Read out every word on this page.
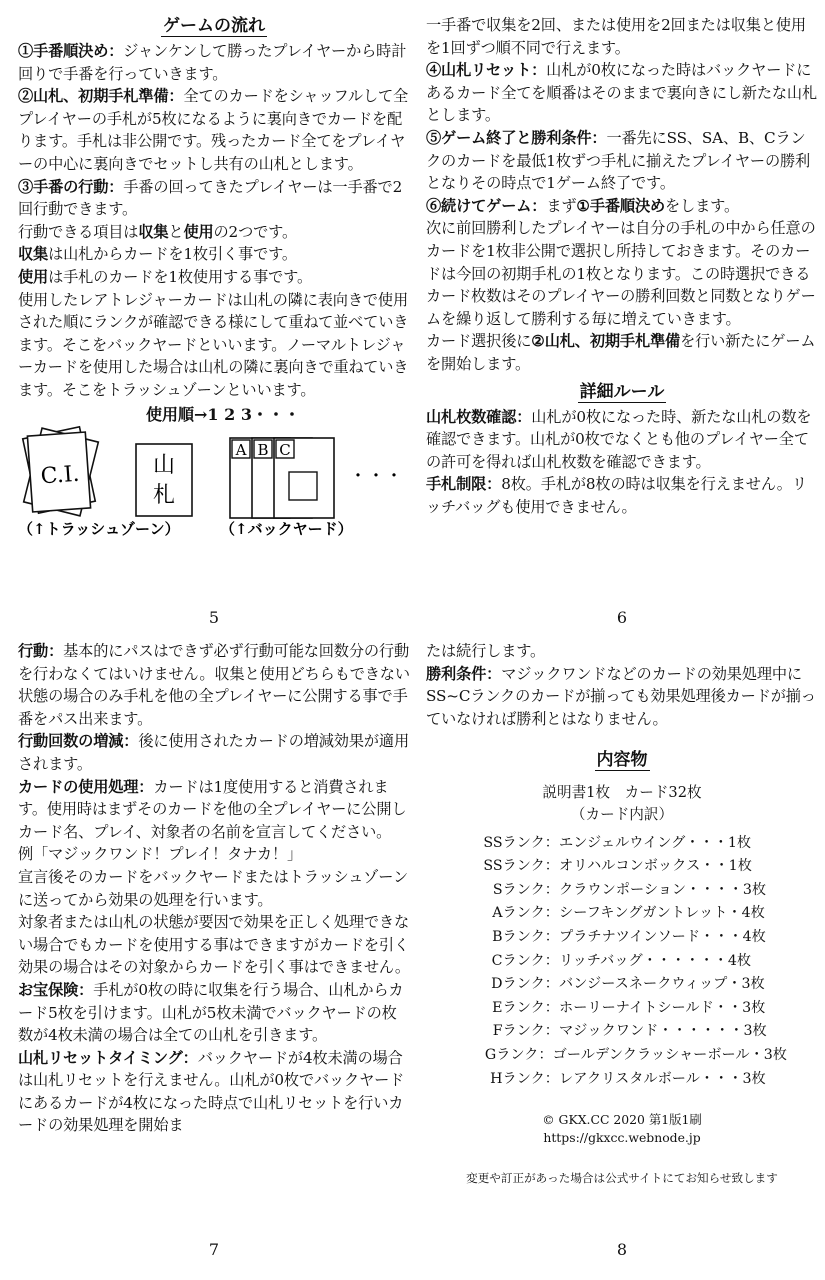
ゲームの流れ

①手番順決め：ジャンケンして勝ったプレイヤーから時計回りで手番を行っていきます。

②山札、初期手札準備：全てのカードをシャッフルして全プレイヤーの手札が5枚になるように裏向きでカードを配ります。手札は非公開です。残ったカード全てをプレイヤーの中心に裏向きでセットし共有の山札とします。

③手番の行動：手番の回ってきたプレイヤーは一手番で2回行動できます。

行動できる項目は収集と使用の2つです。

収集は山札からカードを1枚引く事です。

使用は手札のカードを1枚使用する事です。

使用したレアトレジャーカードは山札の隣に表向きで使用された順にランクが確認できる様にして重ねて並べていきます。そこをバックヤードといいます。ノーマルトレジャーカードを使用した場合は山札の隣に裏向きで重ねていきます。そこをトラッシュゾーンといいます。

使用順→1 2 3・・・
C.I.	山
札
A B C
・・・
（↑トラッシュゾーン）	（↑バックヤード）
5

一手番で収集を2回、または使用を2回または収集と使用を1回ずつ順不同で行えます。

④山札リセット：山札が0枚になった時はバックヤードにあるカード全てを順番はそのままで裏向きにし新たな山札とします。

⑤ゲーム終了と勝利条件：一番先にSS、SA、B、Cランクのカードを最低1枚ずつ手札に揃えたプレイヤーの勝利となりその時点で1ゲーム終了です。

⑥続けてゲーム：まず①手番順決めをします。

次に前回勝利したプレイヤーは自分の手札の中から任意のカードを1枚非公開で選択し所持しておきます。そのカードは今回の初期手札の1枚となります。この時選択できるカード枚数はそのプレイヤーの勝利回数と同数となりゲームを繰り返して勝利する毎に増えていきます。

カード選択後に②山札、初期手札準備を行い新たにゲームを開始します。

詳細ルール

山札枚数確認：山札が0枚になった時、新たな山札の数を確認できます。山札が0枚でなくとも他のプレイヤー全ての許可を得れば山札枚数を確認できます。

手札制限：8枚。手札が8枚の時は収集を行えません。リッチバッグも使用できません。

6

行動：基本的にパスはできず必ず行動可能な回数分の行動を行わなくてはいけません。収集と使用どちらもできない状態の場合のみ手札を他の全プレイヤーに公開する事で手番をパス出来ます。

行動回数の増減：後に使用されたカードの増減効果が適用されます。

カードの使用処理：カードは1度使用すると消費されます。使用時はまずそのカードを他の全プレイヤーに公開しカード名、プレイ、対象者の名前を宣言してください。

例「マジックワンド！プレイ！タナカ！」

宣言後そのカードをバックヤードまたはトラッシュゾーンに送ってから効果の処理を行います。

対象者または山札の状態が要因で効果を正しく処理できない場合でもカードを使用する事はできますがカードを引く効果の場合はその対象からカードを引く事はできません。

お宝保険：手札が0枚の時に収集を行う場合、山札からカード5枚を引けます。山札が5枚未満でバックヤードの枚数が4枚未満の場合は全ての山札を引きます。

山札リセットタイミング：バックヤードが4枚未満の場合は山札リセットを行えません。山札が0枚でバックヤードにあるカードが4枚になった時点で山札リセットを行いカードの効果処理を開始ま

7

たは続行します。

勝利条件：マジックワンドなどのカードの効果処理中にSS~Cランクのカードが揃っても効果処理後カードが揃っていなければ勝利とはなりません。

内容物
説明書1枚　カード32枚
（カード内訳）
SSランク： エンジェルウイング・・・1枚
SSランク： オリハルコンボックス・・1枚
Sランク： クラウンポーション・・・・3枚
Aランク： シーフキングガントレット・4枚
Bランク： プラチナツインソード・・・4枚
Cランク： リッチバッグ・・・・・・4枚
Dランク： バンジースネークウィップ・3枚
Eランク： ホーリーナイトシールド・・3枚
Fランク： マジックワンド・・・・・・3枚
Gランク： ゴールデンクラッシャーボール・3枚
Hランク： レアクリスタルボール・・・3枚
© GKX.CC 2020 第1版1刷
https://gkxcc.webnode.jp
変更や訂正があった場合は公式サイトにてお知らせ致します
8
